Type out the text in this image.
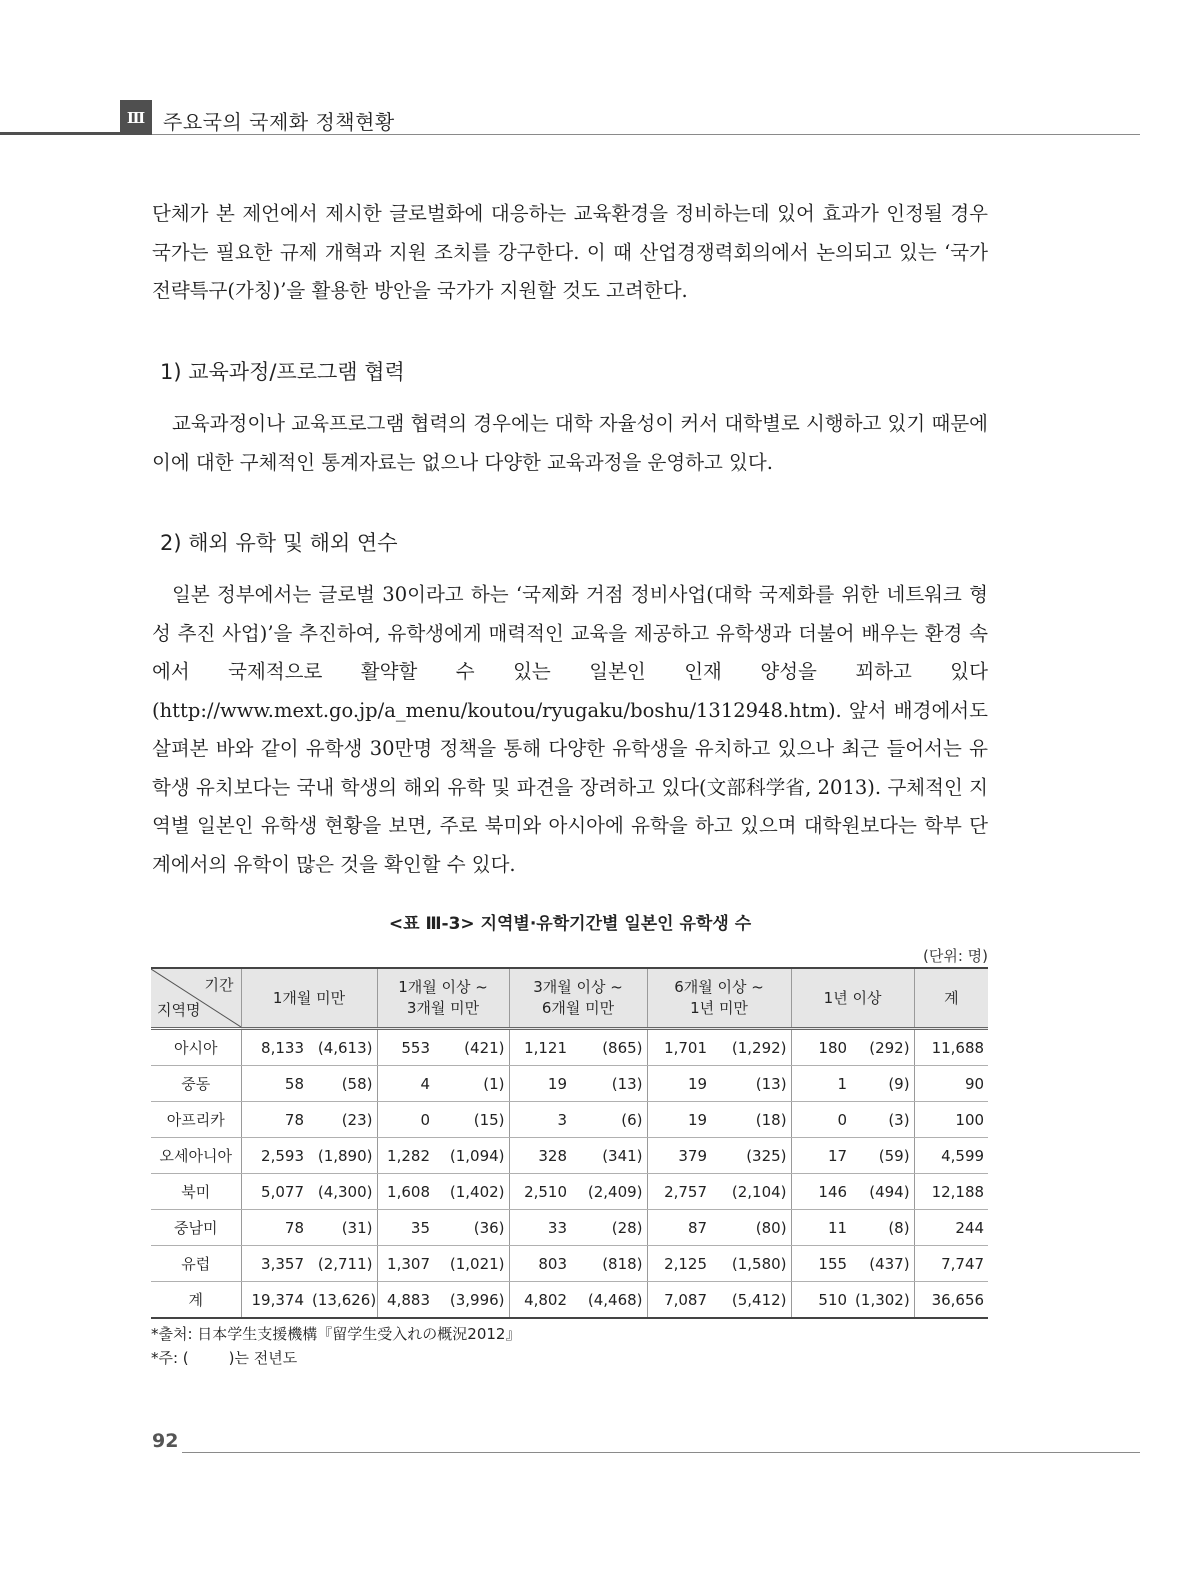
Ⅲ 주요국의 국제화 정책현황

단체가 본 제언에서 제시한 글로벌화에 대응하는 교육환경을 정비하는데 있어 효과가 인정될 경우 국가는 필요한 규제 개혁과 지원 조치를 강구한다. 이 때 산업경쟁력회의에서 논의되고 있는 ‘국가전략특구(가칭)’을 활용한 방안을 국가가 지원할 것도 고려한다.

1) 교육과정/프로그램 협력

교육과정이나 교육프로그램 협력의 경우에는 대학 자율성이 커서 대학별로 시행하고 있기 때문에 이에 대한 구체적인 통계자료는 없으나 다양한 교육과정을 운영하고 있다.

2) 해외 유학 및 해외 연수

일본 정부에서는 글로벌 30이라고 하는 ‘국제화 거점 정비사업(대학 국제화를 위한 네트워크 형성 추진 사업)’을 추진하여, 유학생에게 매력적인 교육을 제공하고 유학생과 더불어 배우는 환경 속에서 국제적으로 활약할 수 있는 일본인 인재 양성을 꾀하고 있다(http://www.mext.go.jp/a_menu/koutou/ryugaku/boshu/1312948.htm). 앞서 배경에서도 살펴본 바와 같이 유학생 30만명 정책을 통해 다양한 유학생을 유치하고 있으나 최근 들어서는 유학생 유치보다는 국내 학생의 해외 유학 및 파견을 장려하고 있다(文部科学省, 2013). 구체적인 지역별 일본인 유학생 현황을 보면, 주로 북미와 아시아에 유학을 하고 있으며 대학원보다는 학부 단계에서의 유학이 많은 것을 확인할 수 있다.

<표 Ⅲ-3> 지역별·유학기간별 일본인 유학생 수
(단위: 명)
기간
지역명	1개월 미만		1개월 이상 ~
3개월 미만		3개월 이상 ~
6개월 미만		6개월 이상 ~
1년 미만		1년 이상		계
아시아	8,133	(4,613)	553	(421)	1,121	(865)	1,701	(1,292)	180	(292)	11,688
중동	58	(58)	4	(1)	19	(13)	19	(13)	1	(9)	90
아프리카	78	(23)	0	(15)	3	(6)	19	(18)	0	(3)	100
오세아니아	2,593	(1,890)	1,282	(1,094)	328	(341)	379	(325)	17	(59)	4,599
북미	5,077	(4,300)	1,608	(1,402)	2,510	(2,409)	2,757	(2,104)	146	(494)	12,188
중남미	78	(31)	35	(36)	33	(28)	87	(80)	11	(8)	244
유럽	3,357	(2,711)	1,307	(1,021)	803	(818)	2,125	(1,580)	155	(437)	7,747
계	19,374	(13,626)	4,883	(3,996)	4,802	(4,468)	7,087	(5,412)	510	(1,302)	36,656
*출처: 日本学生支援機構『留学生受入れの概況2012』
*주: (	)는 전년도
92
